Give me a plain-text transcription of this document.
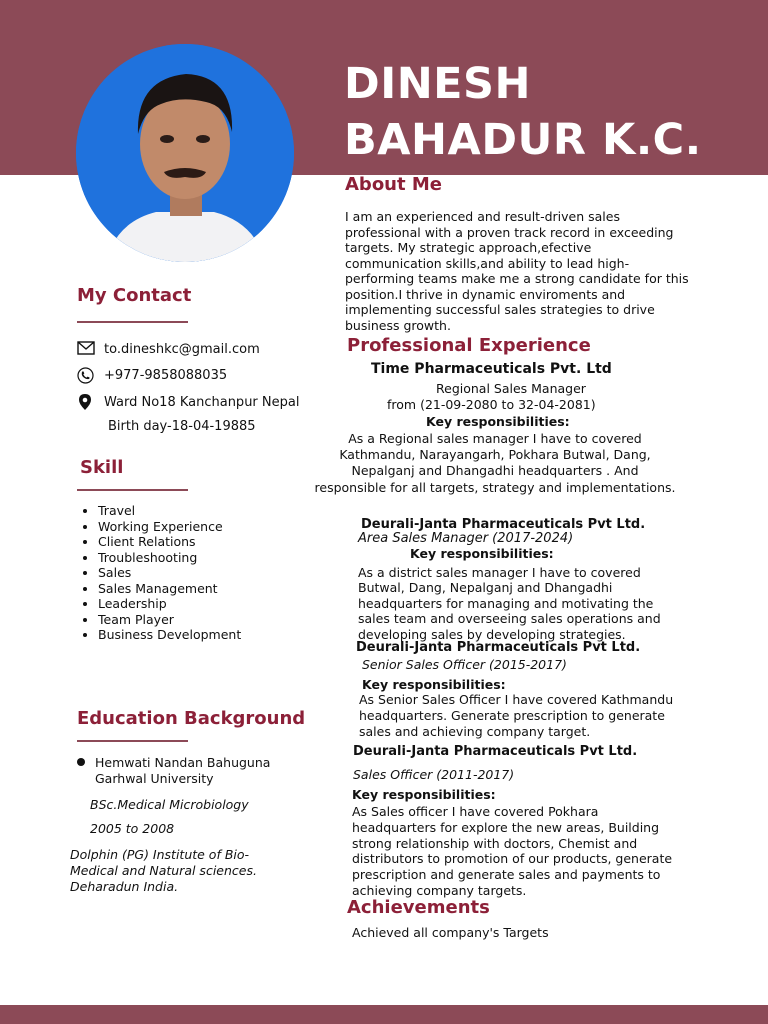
DINESH
BAHADUR K.C.
My Contact
to.dineshkc@gmail.com
+977-9858088035
Ward No18 Kanchanpur Nepal
Birth day-18-04-19885
Skill
• Travel
• Working Experience
• Client Relations
• Troubleshooting
• Sales
• Sales Management
• Leadership
• Team Player
• Business Development
Education Background
Hemwati Nandan Bahuguna
Garhwal University
BSc.Medical Microbiology
2005 to 2008
Dolphin (PG) Institute of Bio-
Medical and Natural sciences.
Deharadun India.
About Me
I am an experienced and result-driven sales
professional with a proven track record in exceeding
targets. My strategic approach,efective
communication skills,and ability to lead high-
performing teams make me a strong candidate for this
position.I thrive in dynamic enviroments and
implementing successful sales strategies to drive
business growth.
Professional Experience
Time Pharmaceuticals Pvt. Ltd
Regional Sales Manager
from (21-09-2080 to 32-04-2081)
Key responsibilities:
As a Regional sales manager I have to covered
Kathmandu, Narayangarh, Pokhara Butwal, Dang,
Nepalganj and Dhangadhi headquarters . And
responsible for all targets, strategy and implementations.
Deurali-Janta Pharmaceuticals Pvt Ltd.
Area Sales Manager (2017-2024)
Key responsibilities:
As a district sales manager I have to covered
Butwal, Dang, Nepalganj and Dhangadhi
headquarters for managing and motivating the
sales team and overseeing sales operations and
developing sales by developing strategies.
Deurali-Janta Pharmaceuticals Pvt Ltd.
Senior Sales Officer (2015-2017)
Key responsibilities:
As Senior Sales Officer I have covered Kathmandu
headquarters. Generate prescription to generate
sales and achieving company target.
Deurali-Janta Pharmaceuticals Pvt Ltd.
Sales Officer (2011-2017)
Key responsibilities:
As Sales officer I have covered Pokhara
headquarters for explore the new areas, Building
strong relationship with doctors, Chemist and
distributors to promotion of our products, generate
prescription and generate sales and payments to
achieving company targets.
Achievements
Achieved all company's Targets
